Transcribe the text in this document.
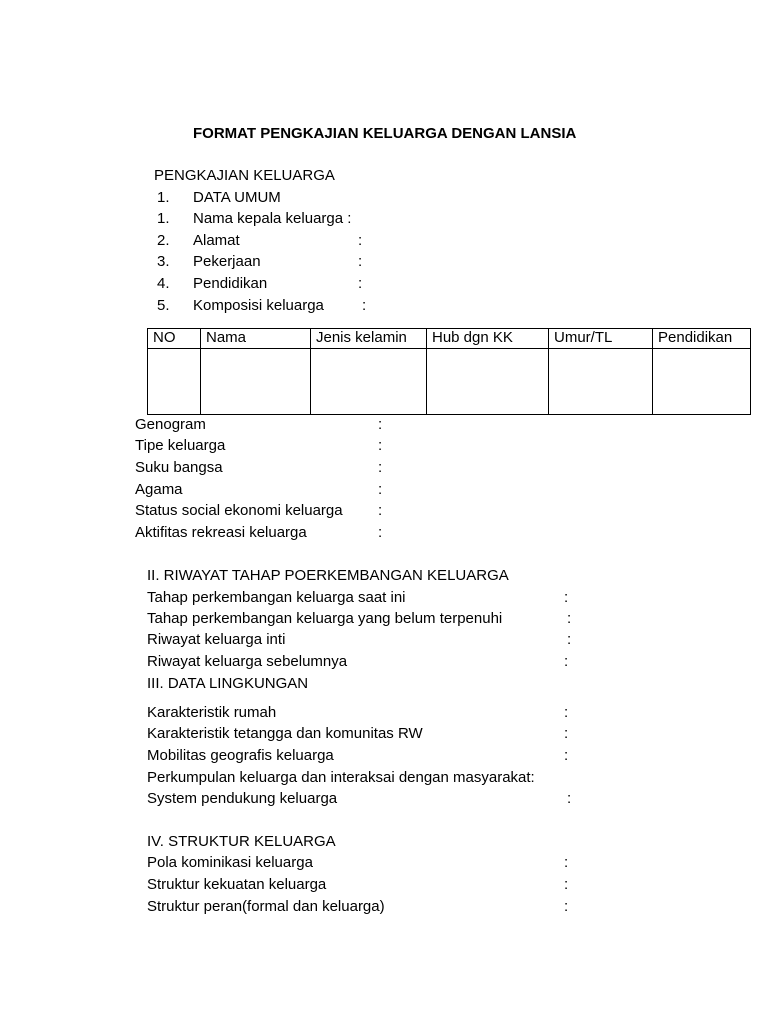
FORMAT PENGKAJIAN KELUARGA DENGAN LANSIA
PENGKAJIAN KELUARGA
1. DATA UMUM
1. Nama kepala keluarga :
2. Alamat	:
3. Pekerjaan	:
4. Pendidikan	:
5. Komposisi keluarga	:
NO	Nama	Jenis kelamin	Hub dgn KK	Umur/TL	Pendidikan

Genogram	:
Tipe keluarga	:
Suku bangsa	:
Agama	:
Status social ekonomi keluarga :
Aktifitas rekreasi keluarga	:
II. RIWAYAT TAHAP POERKEMBANGAN KELUARGA
Tahap perkembangan keluarga saat ini	:
Tahap perkembangan keluarga yang belum terpenuhi	:
Riwayat keluarga inti	:
Riwayat keluarga sebelumnya	:
III. DATA LINGKUNGAN
Karakteristik rumah	:
Karakteristik tetangga dan komunitas RW	:
Mobilitas geografis keluarga	:
Perkumpulan keluarga dan interaksai dengan masyarakat:
System pendukung keluarga	:
IV. STRUKTUR KELUARGA
Pola kominikasi keluarga	:
Struktur kekuatan keluarga	:
Struktur peran(formal dan keluarga)	:
